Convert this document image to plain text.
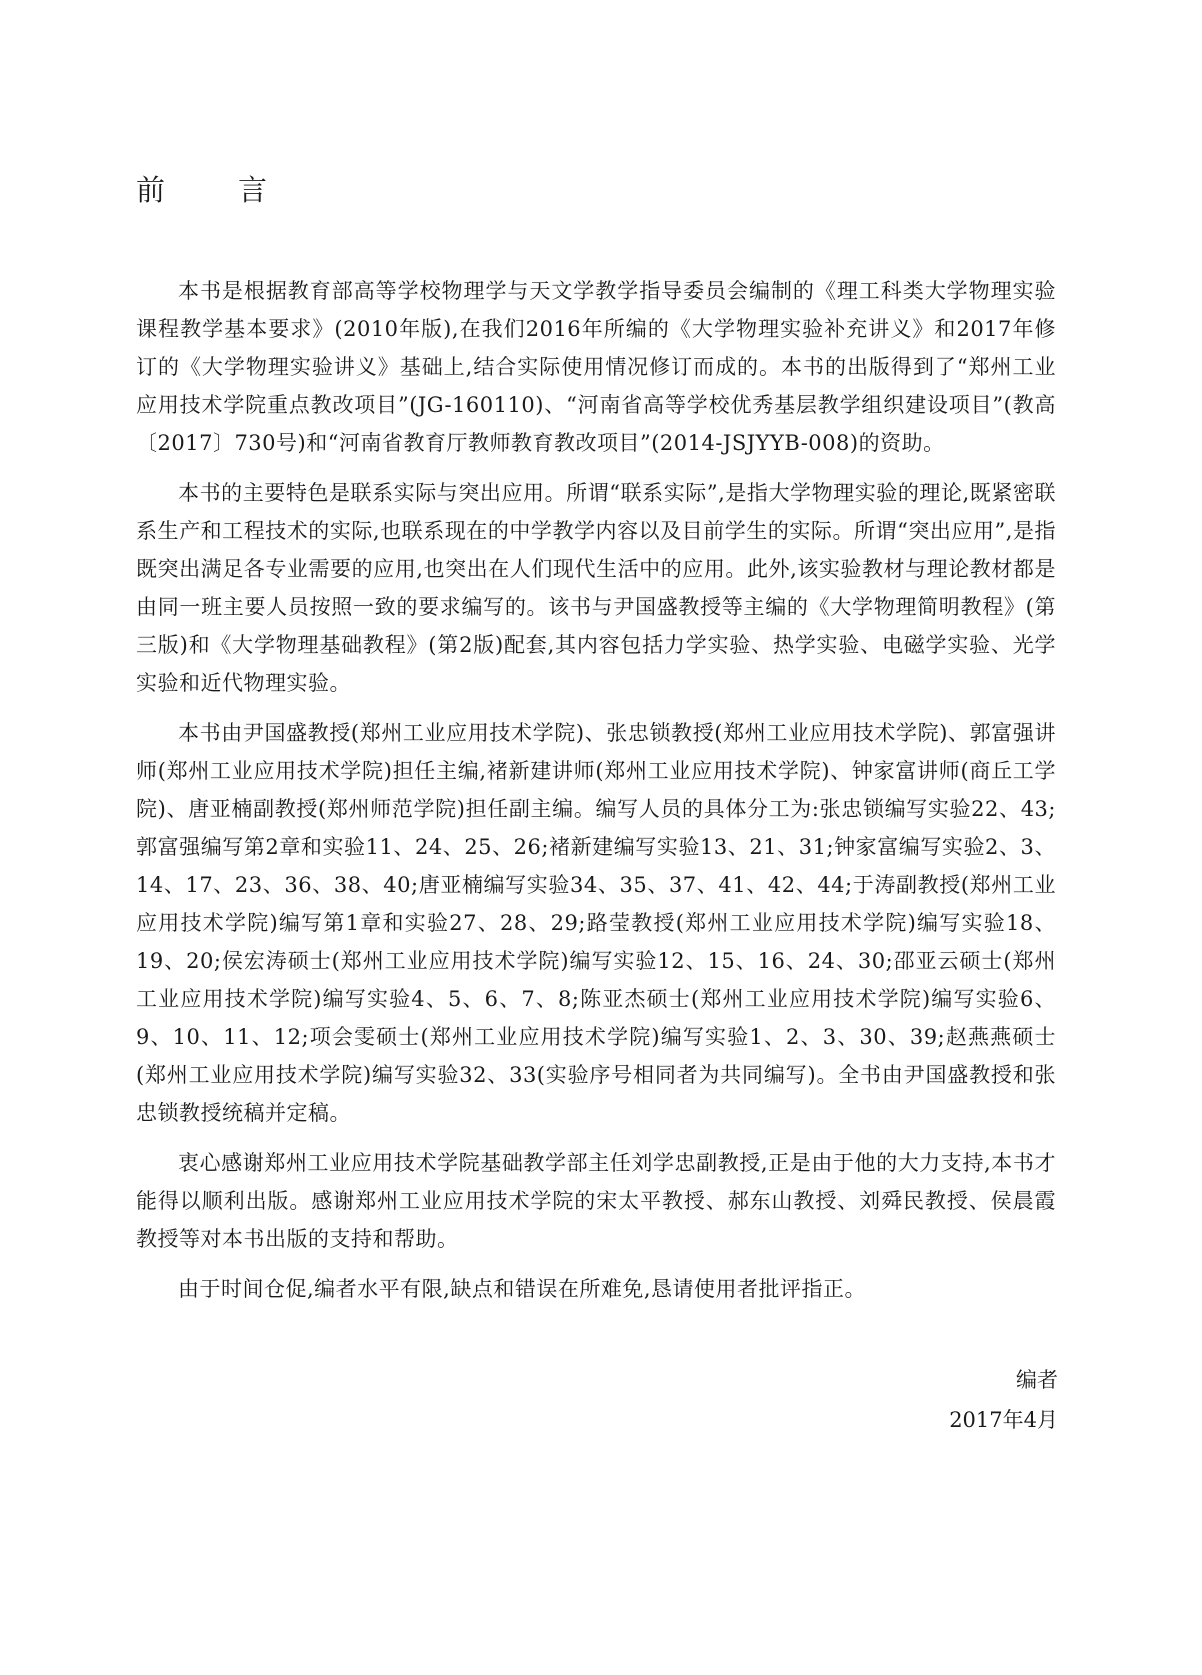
前　言

本书是根据教育部高等学校物理学与天文学教学指导委员会编制的《理工科类大学物理实验课程教学基本要求》(2010年版),在我们2016年所编的《大学物理实验补充讲义》和2017年修订的《大学物理实验讲义》基础上,结合实际使用情况修订而成的。本书的出版得到了“郑州工业应用技术学院重点教改项目”(JG-160110)、“河南省高等学校优秀基层教学组织建设项目”(教高〔2017〕730号)和“河南省教育厅教师教育教改项目”(2014-JSJYYB-008)的资助。

本书的主要特色是联系实际与突出应用。所谓“联系实际”,是指大学物理实验的理论,既紧密联系生产和工程技术的实际,也联系现在的中学教学内容以及目前学生的实际。所谓“突出应用”,是指既突出满足各专业需要的应用,也突出在人们现代生活中的应用。此外,该实验教材与理论教材都是由同一班主要人员按照一致的要求编写的。该书与尹国盛教授等主编的《大学物理简明教程》(第三版)和《大学物理基础教程》(第2版)配套,其内容包括力学实验、热学实验、电磁学实验、光学实验和近代物理实验。

本书由尹国盛教授(郑州工业应用技术学院)、张忠锁教授(郑州工业应用技术学院)、郭富强讲师(郑州工业应用技术学院)担任主编,褚新建讲师(郑州工业应用技术学院)、钟家富讲师(商丘工学院)、唐亚楠副教授(郑州师范学院)担任副主编。编写人员的具体分工为:张忠锁编写实验22、43;郭富强编写第2章和实验11、24、25、26;褚新建编写实验13、21、31;钟家富编写实验2、3、14、17、23、36、38、40;唐亚楠编写实验34、35、37、41、42、44;于涛副教授(郑州工业应用技术学院)编写第1章和实验27、28、29;路莹教授(郑州工业应用技术学院)编写实验18、19、20;侯宏涛硕士(郑州工业应用技术学院)编写实验12、15、16、24、30;邵亚云硕士(郑州工业应用技术学院)编写实验4、5、6、7、8;陈亚杰硕士(郑州工业应用技术学院)编写实验6、9、10、11、12;项会雯硕士(郑州工业应用技术学院)编写实验1、2、3、30、39;赵燕燕硕士(郑州工业应用技术学院)编写实验32、33(实验序号相同者为共同编写)。全书由尹国盛教授和张忠锁教授统稿并定稿。

衷心感谢郑州工业应用技术学院基础教学部主任刘学忠副教授,正是由于他的大力支持,本书才能得以顺利出版。感谢郑州工业应用技术学院的宋太平教授、郝东山教授、刘舜民教授、侯晨霞教授等对本书出版的支持和帮助。

由于时间仓促,编者水平有限,缺点和错误在所难免,恳请使用者批评指正。

编者
2017年4月
